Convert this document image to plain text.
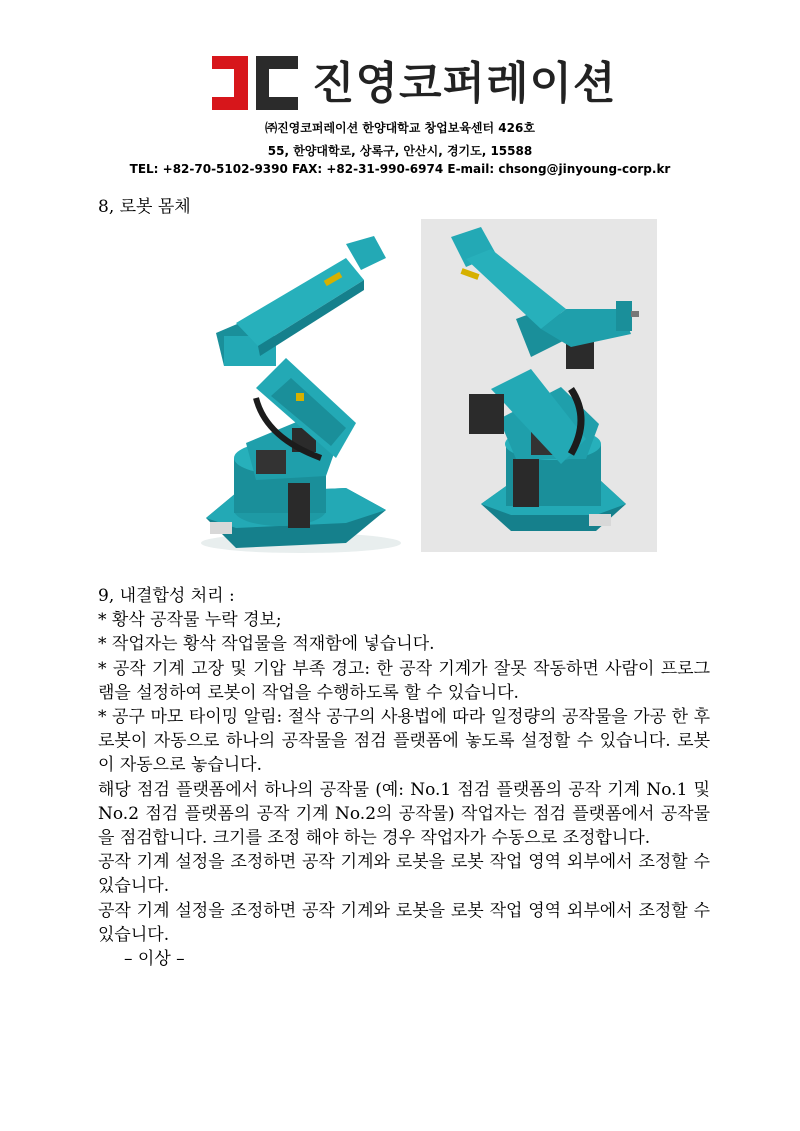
진영코퍼레이션
㈜진영코퍼레이션 한양대학교 창업보육센터 426호
55, 한양대학로, 상록구, 안산시, 경기도, 15588
TEL: +82-70-5102-9390 FAX: +82-31-990-6974 E-mail: chsong@jinyoung-corp.kr
8, 로봇 몸체

9, 내결합성 처리 :

* 황삭 공작물 누락 경보;

* 작업자는 황삭 작업물을 적재함에 넣습니다.

* 공작 기계 고장 및 기압 부족 경고: 한 공작 기계가 잘못 작동하면 사람이 프로그램을 설정하여 로봇이 작업을 수행하도록 할 수 있습니다.

* 공구 마모 타이밍 알림: 절삭 공구의 사용법에 따라 일정량의 공작물을 가공 한 후 로봇이 자동으로 하나의 공작물을 점검 플랫폼에 놓도록 설정할 수 있습니다. 로봇이 자동으로 놓습니다.

해당 점검 플랫폼에서 하나의 공작물 (예: No.1 점검 플랫폼의 공작 기계 No.1 및 No.2 점검 플랫폼의 공작 기계 No.2의 공작물) 작업자는 점검 플랫폼에서 공작물을 점검합니다. 크기를 조정 해야 하는 경우 작업자가 수동으로 조정합니다.

공작 기계 설정을 조정하면 공작 기계와 로봇을 로봇 작업 영역 외부에서 조정할 수 있습니다.

공작 기계 설정을 조정하면 공작 기계와 로봇을 로봇 작업 영역 외부에서 조정할 수 있습니다.

– 이상 –
